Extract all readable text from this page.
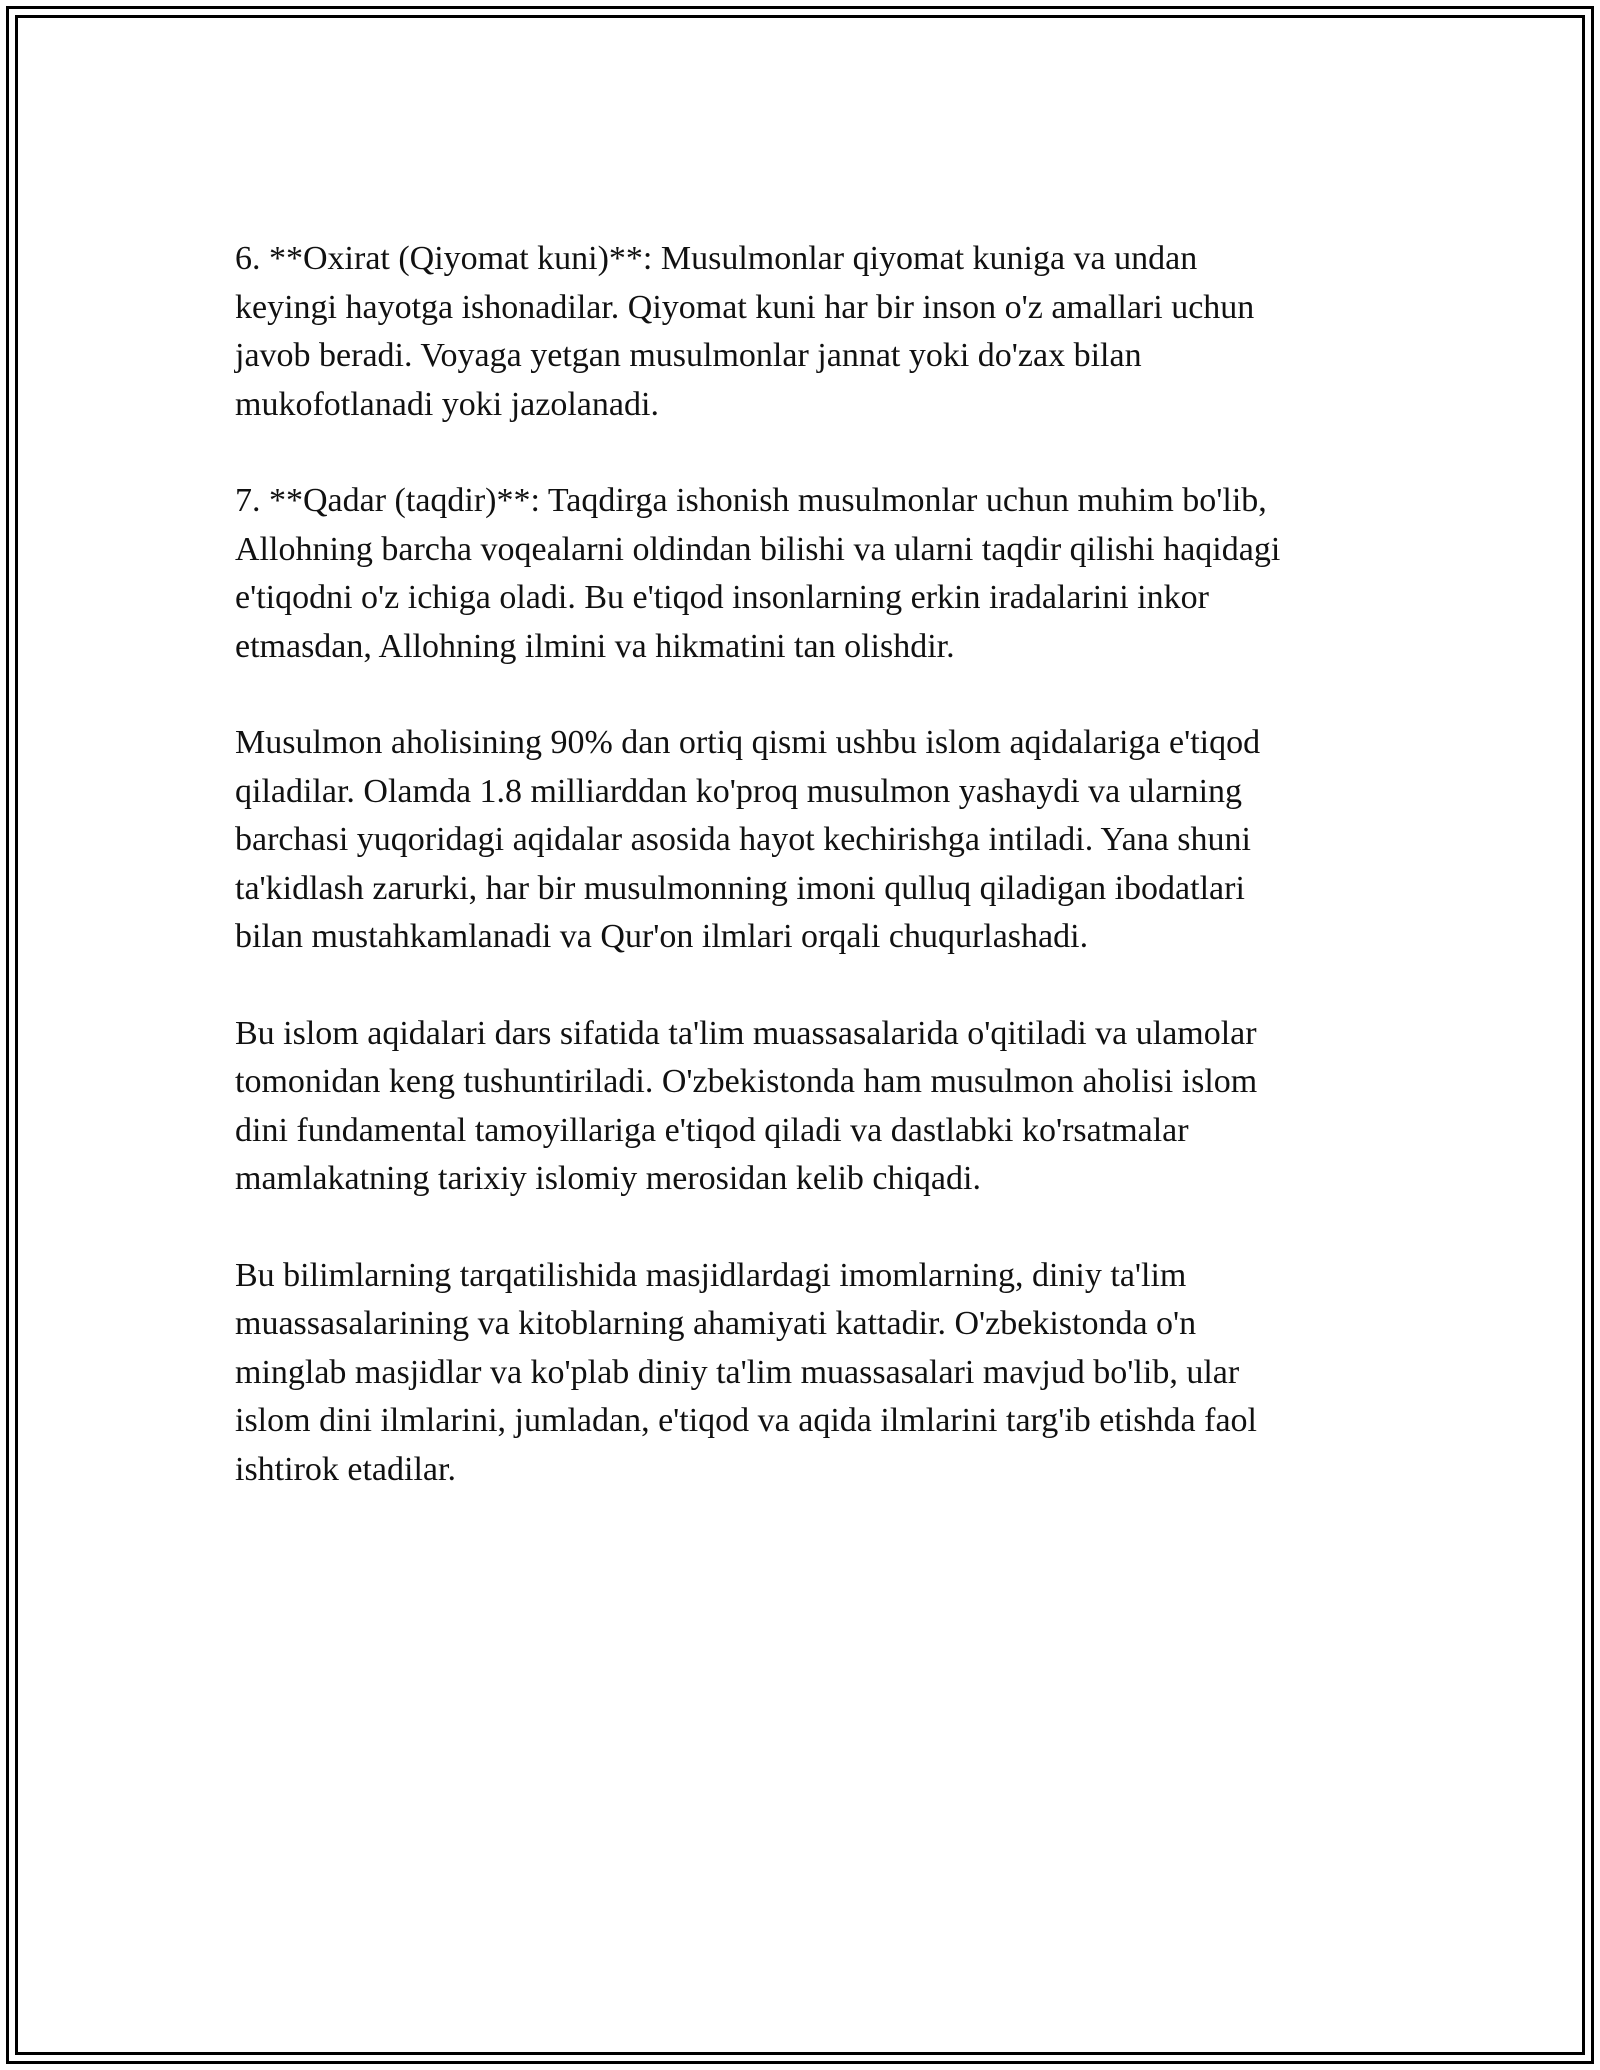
6. **Oxirat (Qiyomat kuni)**: Musulmonlar qiyomat kuniga va undan
keyingi hayotga ishonadilar. Qiyomat kuni har bir inson o'z amallari uchun
javob beradi. Voyaga yetgan musulmonlar jannat yoki do'zax bilan
mukofotlanadi yoki jazolanadi.

7. **Qadar (taqdir)**: Taqdirga ishonish musulmonlar uchun muhim bo'lib,
Allohning barcha voqealarni oldindan bilishi va ularni taqdir qilishi haqidagi
e'tiqodni o'z ichiga oladi. Bu e'tiqod insonlarning erkin iradalarini inkor
etmasdan, Allohning ilmini va hikmatini tan olishdir.

Musulmon aholisining 90% dan ortiq qismi ushbu islom aqidalariga e'tiqod
qiladilar. Olamda 1.8 milliarddan ko'proq musulmon yashaydi va ularning
barchasi yuqoridagi aqidalar asosida hayot kechirishga intiladi. Yana shuni
ta'kidlash zarurki, har bir musulmonning imoni qulluq qiladigan ibodatlari
bilan mustahkamlanadi va Qur'on ilmlari orqali chuqurlashadi.

Bu islom aqidalari dars sifatida ta'lim muassasalarida o'qitiladi va ulamolar
tomonidan keng tushuntiriladi. O'zbekistonda ham musulmon aholisi islom
dini fundamental tamoyillariga e'tiqod qiladi va dastlabki ko'rsatmalar
mamlakatning tarixiy islomiy merosidan kelib chiqadi.

Bu bilimlarning tarqatilishida masjidlardagi imomlarning, diniy ta'lim
muassasalarining va kitoblarning ahamiyati kattadir. O'zbekistonda o'n
minglab masjidlar va ko'plab diniy ta'lim muassasalari mavjud bo'lib, ular
islom dini ilmlarini, jumladan, e'tiqod va aqida ilmlarini targ'ib etishda faol
ishtirok etadilar.
